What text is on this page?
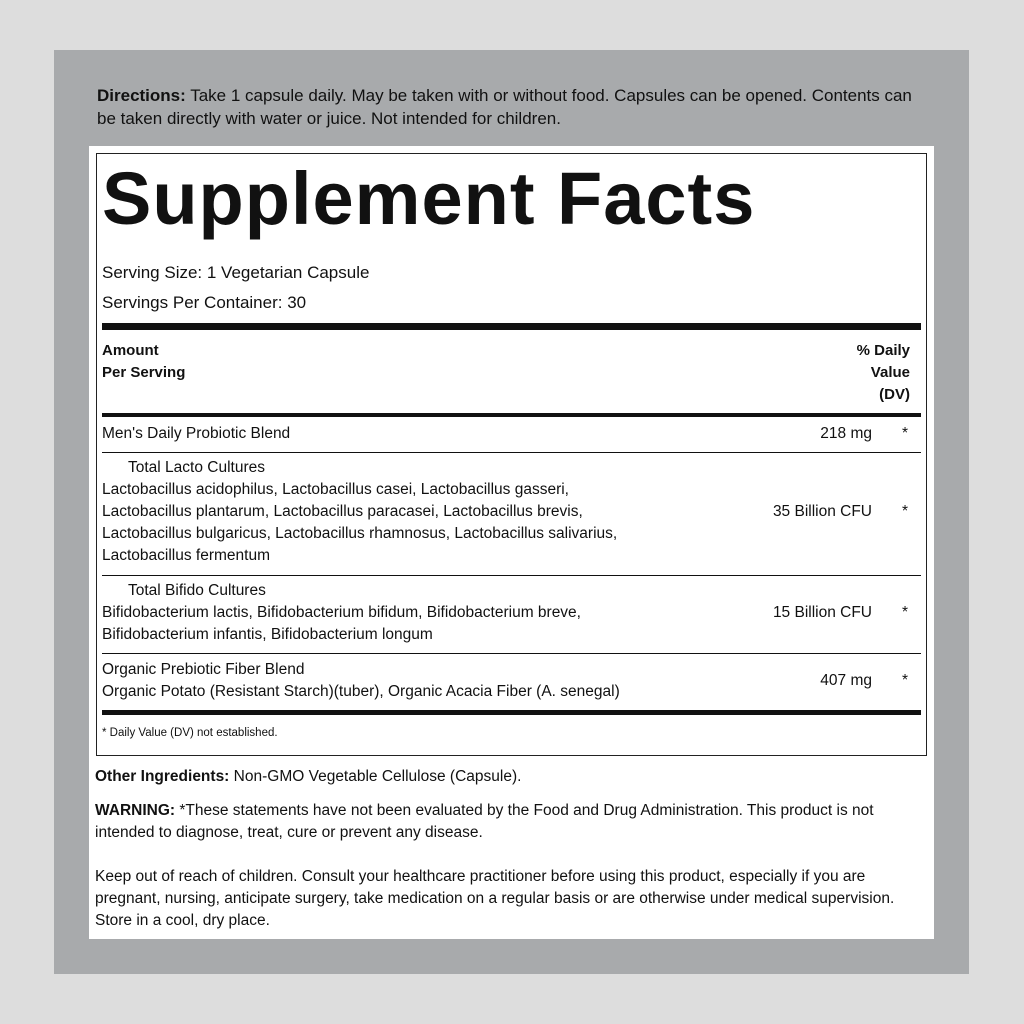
Directions: Take 1 capsule daily. May be taken with or without food. Capsules can be opened. Contents can be taken directly with water or juice. Not intended for children.
Supplement Facts
Serving Size: 1 Vegetarian Capsule
Servings Per Container: 30
Amount
Per Serving
% Daily
Value
(DV)
Men's Daily Probiotic Blend	218 mg *
Total Lacto Cultures
Lactobacillus acidophilus, Lactobacillus casei, Lactobacillus gasseri,
Lactobacillus plantarum, Lactobacillus paracasei, Lactobacillus brevis,
Lactobacillus bulgaricus, Lactobacillus rhamnosus, Lactobacillus salivarius,
Lactobacillus fermentum
35 Billion CFU *
Total Bifido Cultures
Bifidobacterium lactis, Bifidobacterium bifidum, Bifidobacterium breve,
Bifidobacterium infantis, Bifidobacterium longum
15 Billion CFU *
Organic Prebiotic Fiber Blend
Organic Potato (Resistant Starch)(tuber), Organic Acacia Fiber (A. senegal)
407 mg *
* Daily Value (DV) not established.
Other Ingredients: Non-GMO Vegetable Cellulose (Capsule).
WARNING: *These statements have not been evaluated by the Food and Drug Administration. This product is not intended to diagnose, treat, cure or prevent any disease.
Keep out of reach of children. Consult your healthcare practitioner before using this product, especially if you are pregnant, nursing, anticipate surgery, take medication on a regular basis or are otherwise under medical supervision. Store in a cool, dry place.
